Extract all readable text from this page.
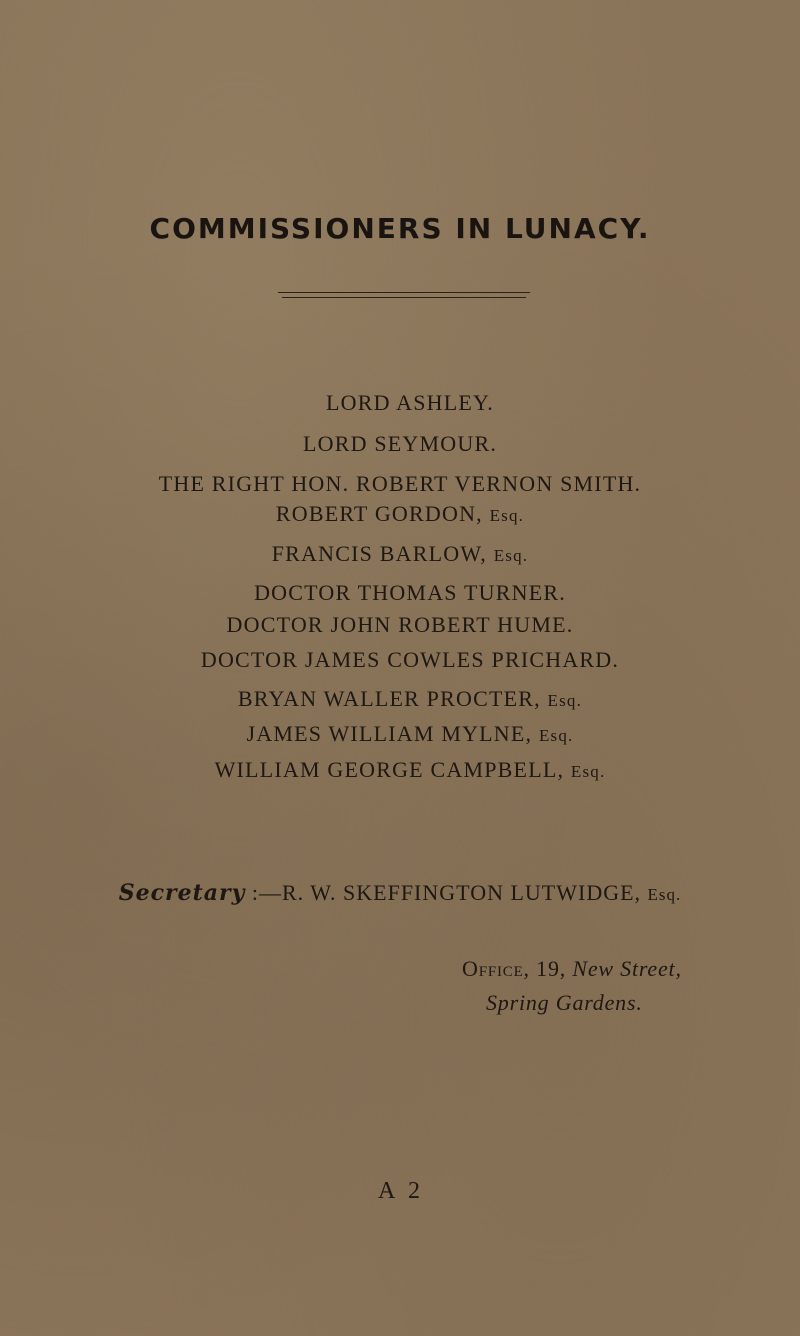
COMMISSIONERS IN LUNACY.
LORD ASHLEY.
LORD SEYMOUR.
THE RIGHT HON. ROBERT VERNON SMITH.
ROBERT GORDON, Esq.
FRANCIS BARLOW, Esq.
DOCTOR THOMAS TURNER.
DOCTOR JOHN ROBERT HUME.
DOCTOR JAMES COWLES PRICHARD.
BRYAN WALLER PROCTER, Esq.
JAMES WILLIAM MYLNE, Esq.
WILLIAM GEORGE CAMPBELL, Esq.
Secretary :—R. W. SKEFFINGTON LUTWIDGE, Esq.
Office, 19, New Street,
Spring Gardens.
A 2
